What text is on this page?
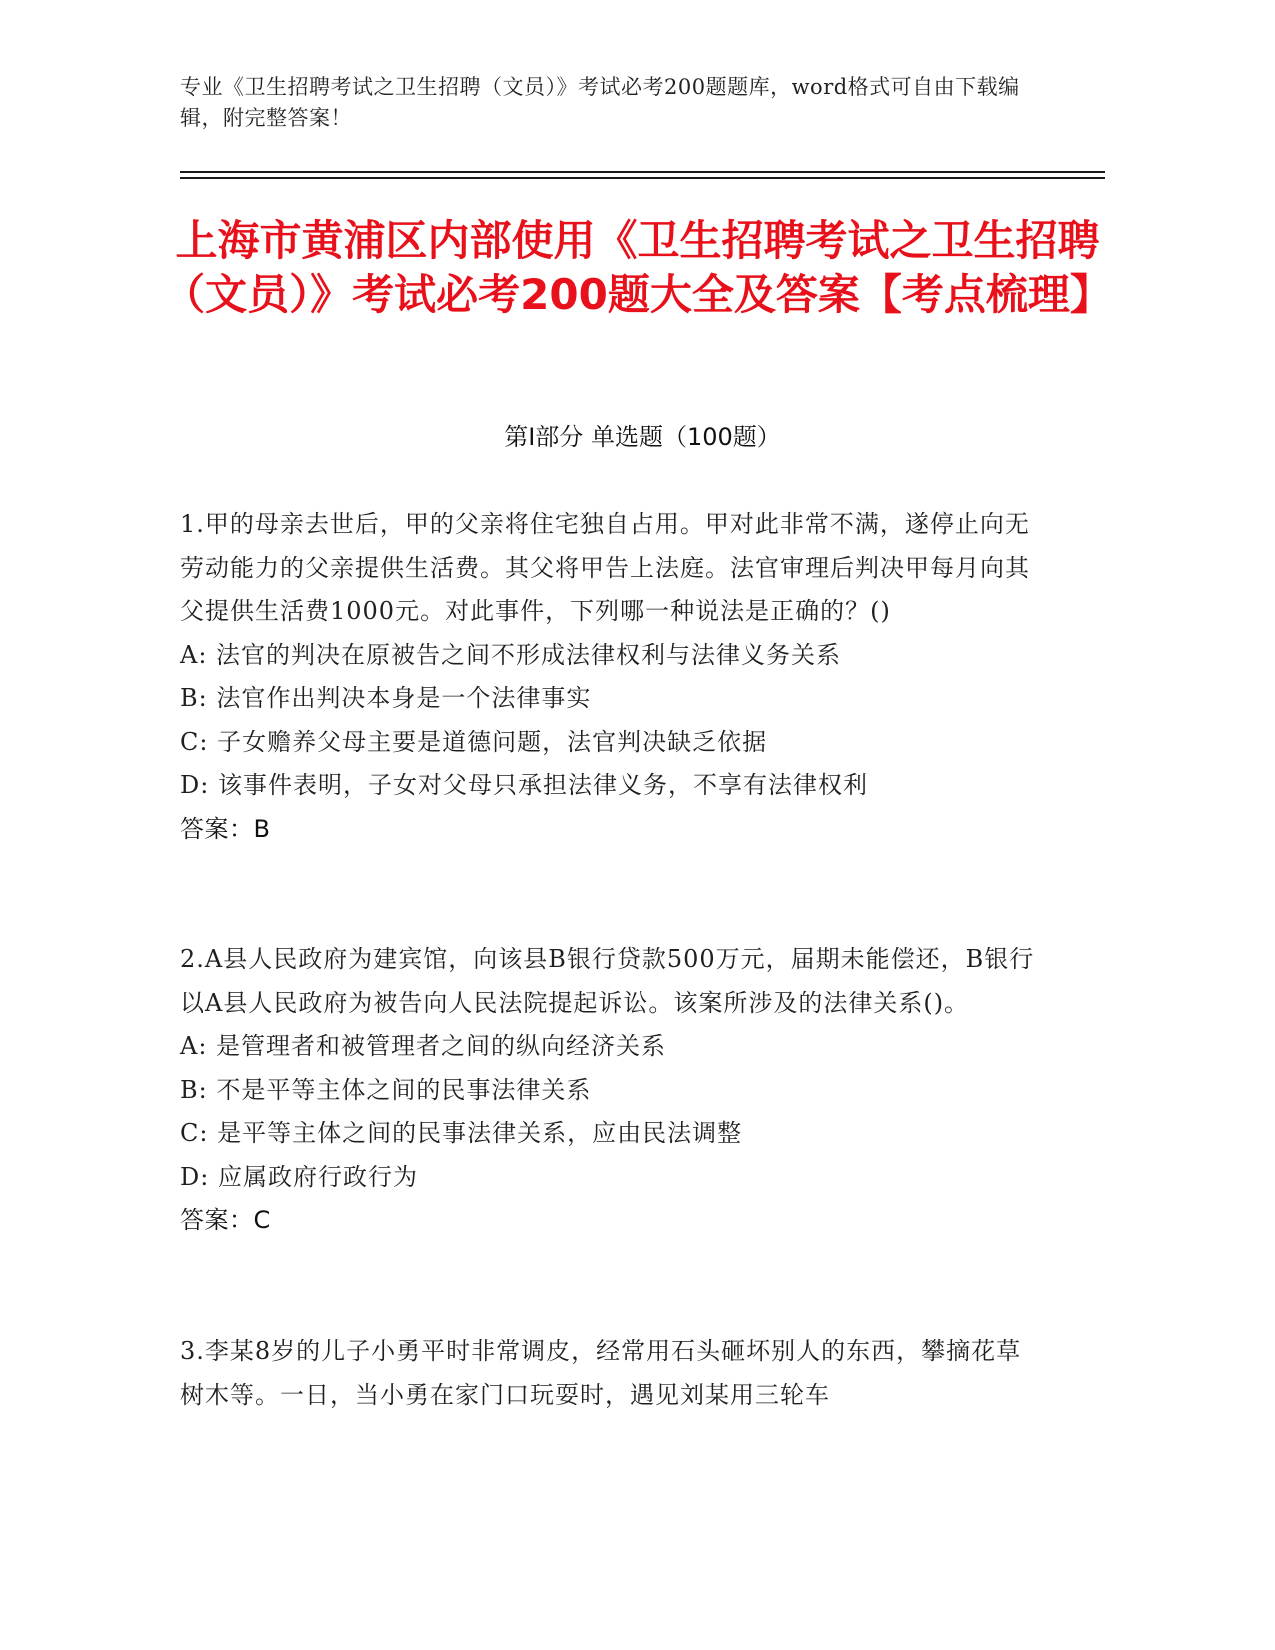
专业《卫生招聘考试之卫生招聘（文员）》考试必考200题题库，word格式可自由下载编辑，附完整答案！
上海市黄浦区内部使用《卫生招聘考试之卫生招聘（文员）》考试必考200题大全及答案【考点梳理】
第Ⅰ部分 单选题（100题）
1.甲的母亲去世后，甲的父亲将住宅独自占用。甲对此非常不满，遂停止向无劳动能力的父亲提供生活费。其父将甲告上法庭。法官审理后判决甲每月向其父提供生活费1000元。对此事件，下列哪一种说法是正确的？()
A: 法官的判决在原被告之间不形成法律权利与法律义务关系
B: 法官作出判决本身是一个法律事实
C: 子女赡养父母主要是道德问题，法官判决缺乏依据
D: 该事件表明，子女对父母只承担法律义务，不享有法律权利
答案：B
2.A县人民政府为建宾馆，向该县B银行贷款500万元，届期未能偿还，B银行以A县人民政府为被告向人民法院提起诉讼。该案所涉及的法律关系()。
A: 是管理者和被管理者之间的纵向经济关系
B: 不是平等主体之间的民事法律关系
C: 是平等主体之间的民事法律关系，应由民法调整
D: 应属政府行政行为
答案：C
3.李某8岁的儿子小勇平时非常调皮，经常用石头砸坏别人的东西，攀摘花草树木等。一日，当小勇在家门口玩耍时，遇见刘某用三轮车
